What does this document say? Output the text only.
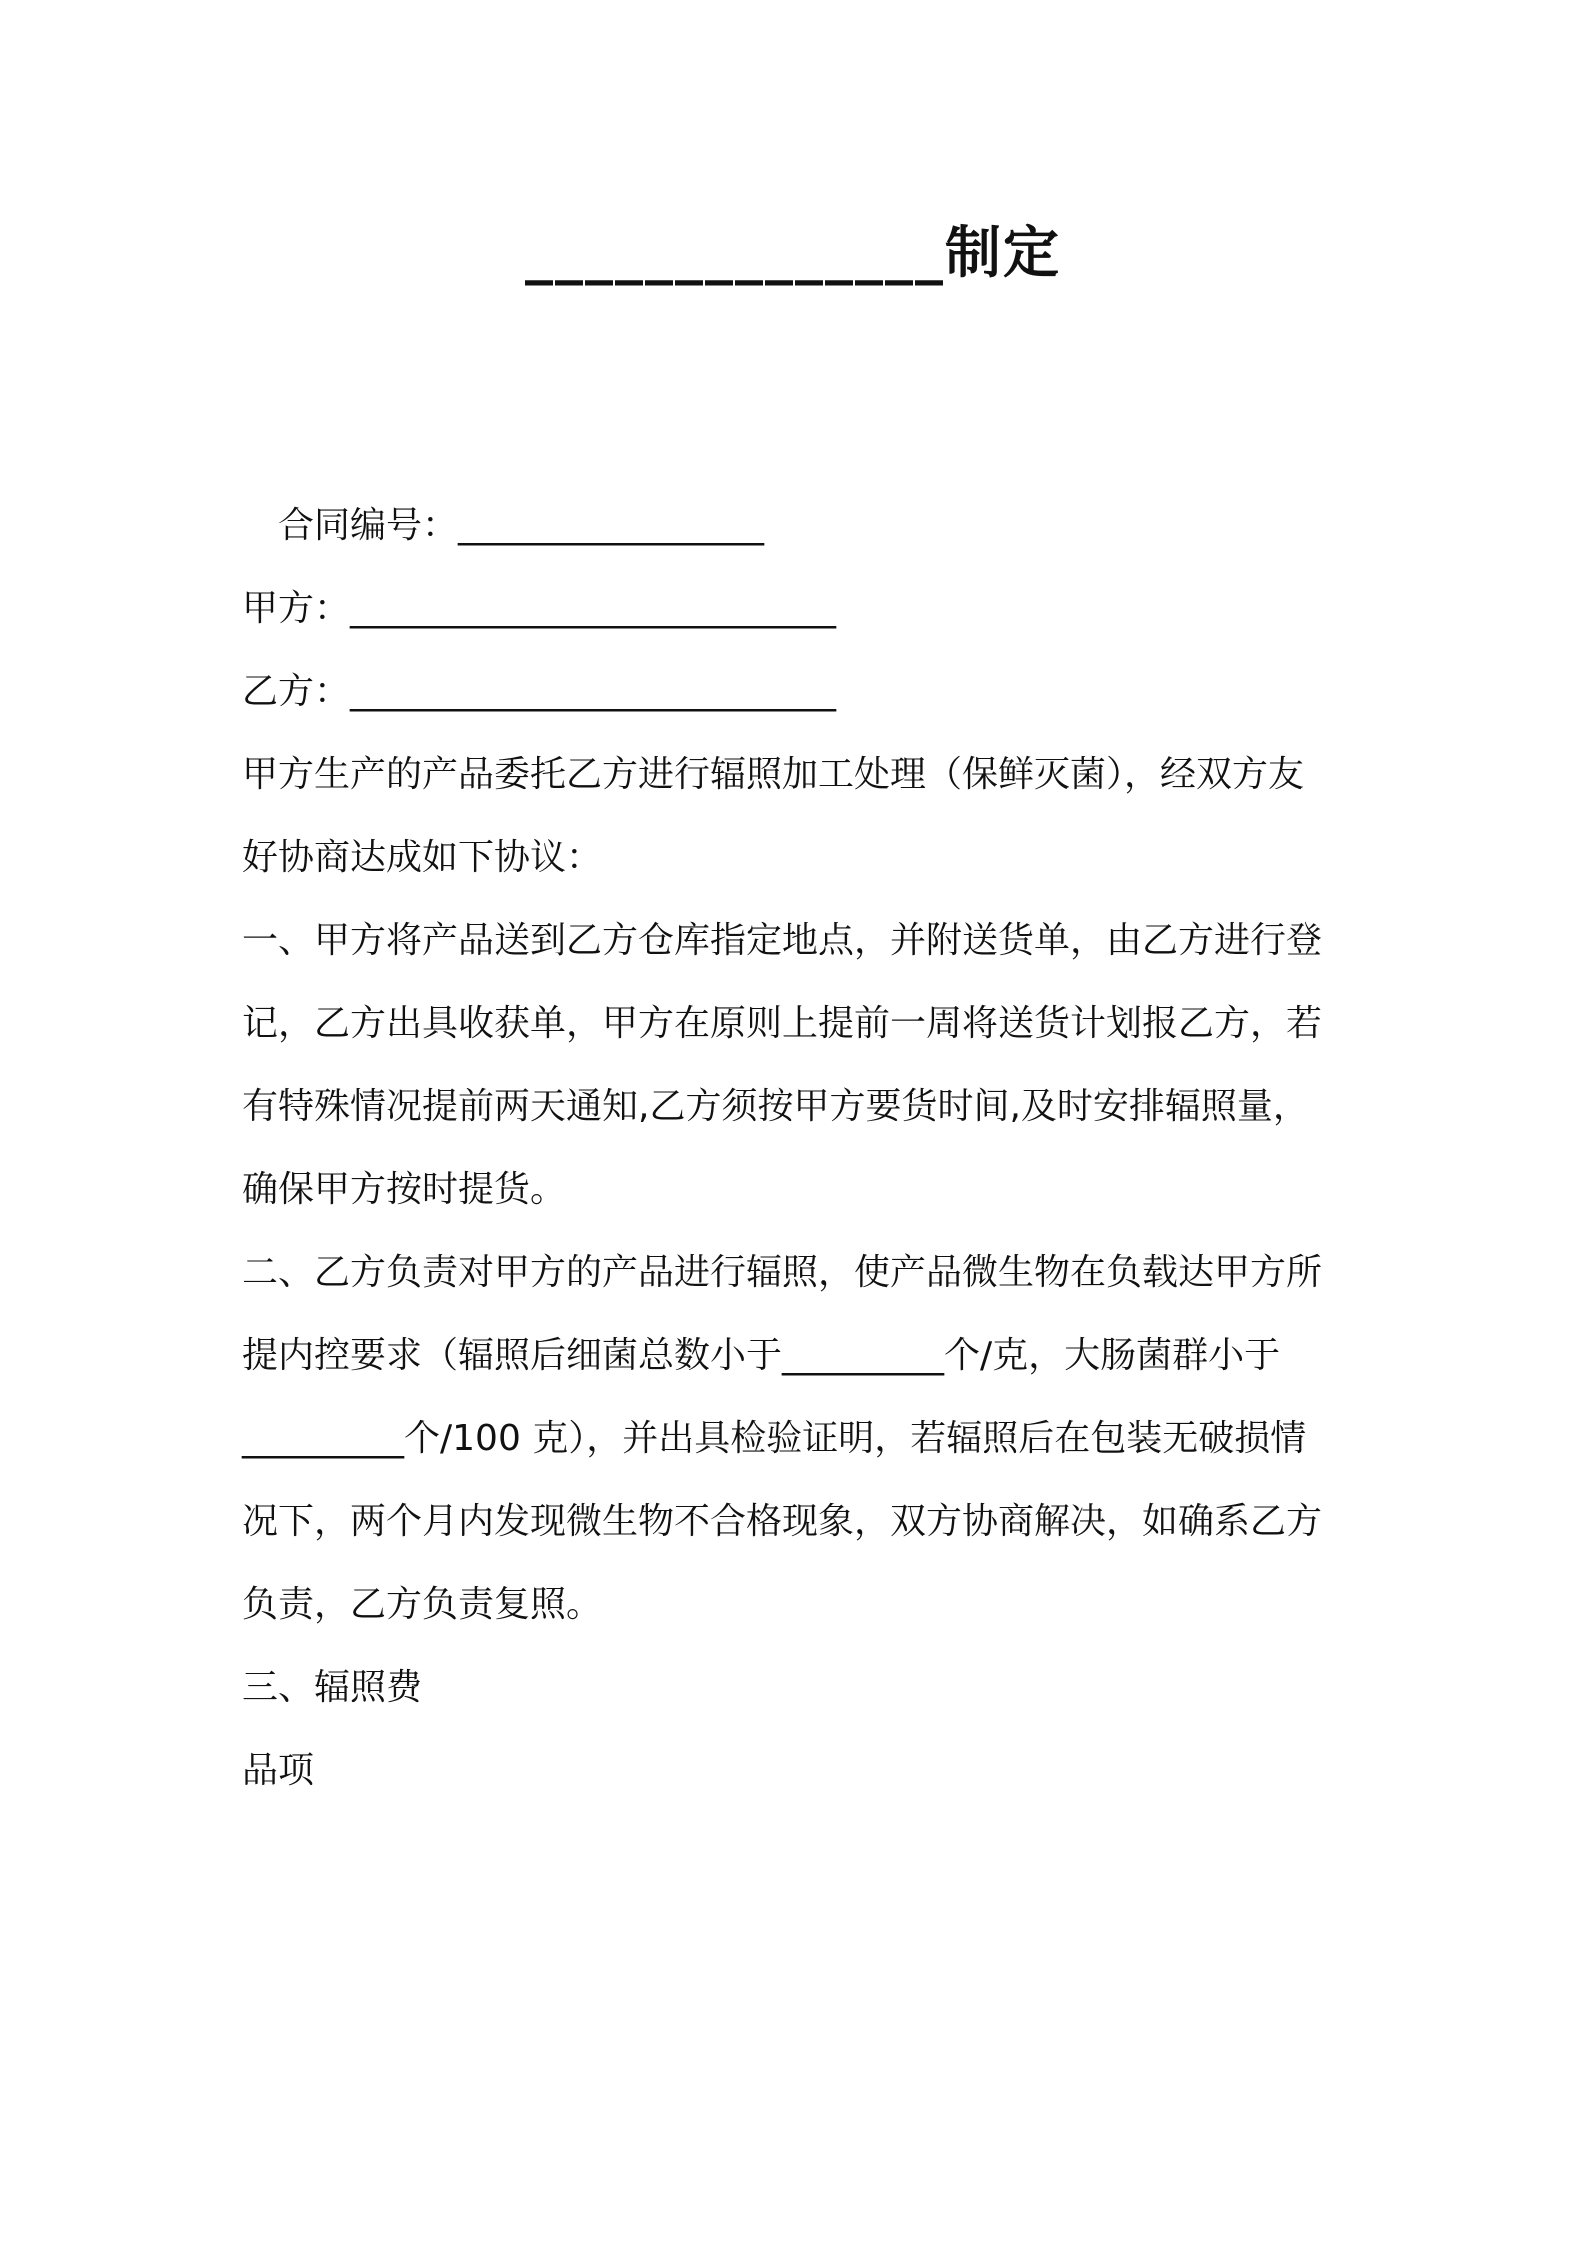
______________制定
合同编号：_________________
甲方：___________________________
乙方：___________________________
甲方生产的产品委托乙方进行辐照加工处理（保鲜灭菌），经双方友
好协商达成如下协议：
一、甲方将产品送到乙方仓库指定地点，并附送货单，由乙方进行登
记，乙方出具收获单，甲方在原则上提前一周将送货计划报乙方，若
有特殊情况提前两天通知,乙方须按甲方要货时间,及时安排辐照量，
确保甲方按时提货。
二、乙方负责对甲方的产品进行辐照，使产品微生物在负载达甲方所
提内控要求（辐照后细菌总数小于_________个/克，大肠菌群小于
_________个/100 克），并出具检验证明，若辐照后在包装无破损情
况下，两个月内发现微生物不合格现象，双方协商解决，如确系乙方
负责，乙方负责复照。
三、辐照费
品项
